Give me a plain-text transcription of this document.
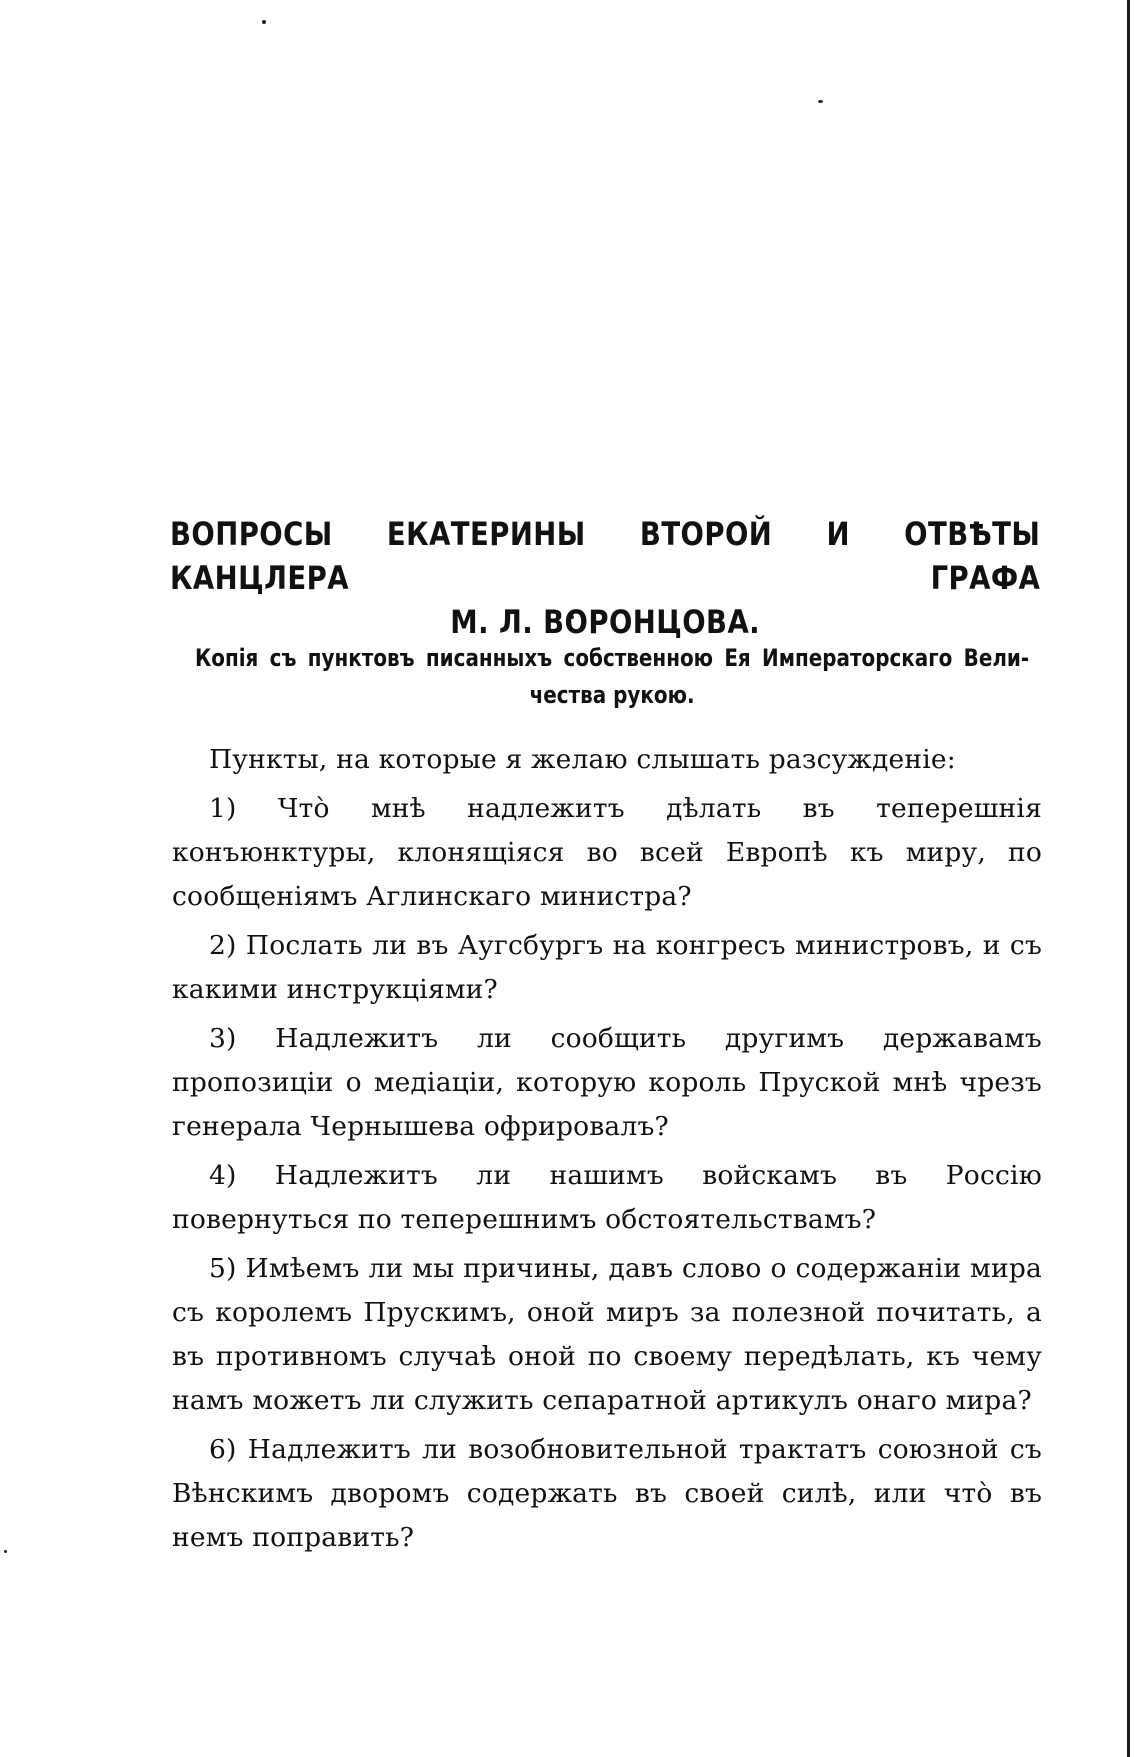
ВОПРОСЫ ЕКАТЕРИНЫ ВТОРОЙ И ОТВѢТЫ КАНЦЛЕРА ГРАФА
М. Л. ВОРОНЦОВА.
Копія съ пунктовъ писанныхъ собственною Ея Императорскаго Вели-
чества рукою.

Пункты, на которые я желаю слышать разсужденіе:

1) Чтò мнѣ надлежитъ дѣлать въ теперешнія конъюнктуры, клонящіяся во всей Европѣ къ миру, по сообщеніямъ Аглинскаго министра?

2) Послать ли въ Аугсбургъ на конгресъ министровъ, и съ какими инструкціями?

3) Надлежитъ ли сообщить другимъ державамъ пропозиціи о медіаціи, которую король Пруской мнѣ чрезъ генерала Чернышева офрировалъ?

4) Надлежитъ ли нашимъ войскамъ въ Россію повернуться по теперешнимъ обстоятельствамъ?

5) Имѣемъ ли мы причины, давъ слово о содержаніи мира съ королемъ Прускимъ, оной миръ за полезной почитать, а въ противномъ случаѣ оной по своему передѣлать, къ чему намъ можетъ ли служить сепаратной артикулъ онаго мира?

6) Надлежитъ ли возобновительной трактатъ союзной съ Вѣнскимъ дворомъ содержать въ своей силѣ, или чтò въ немъ поправить?
